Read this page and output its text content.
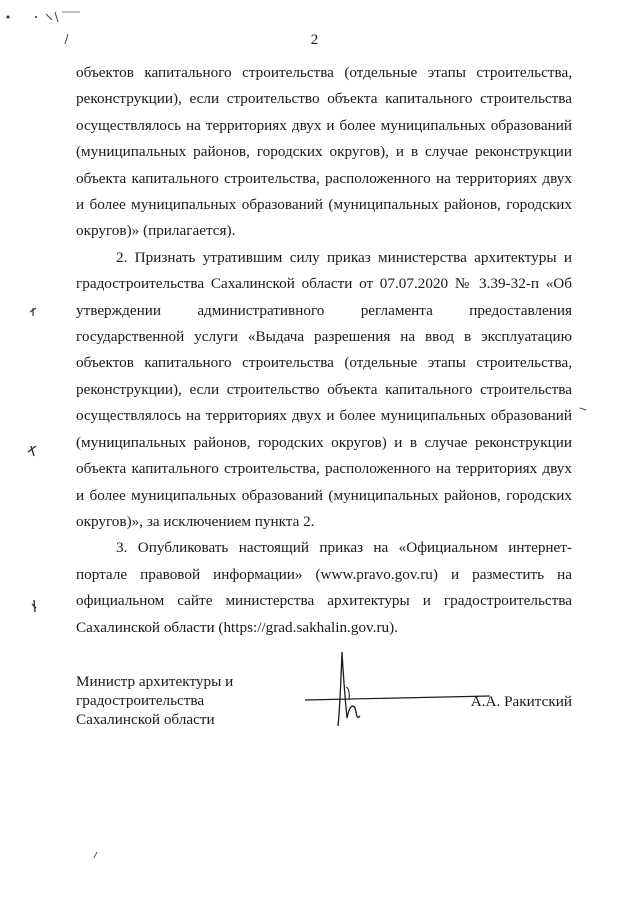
2

объектов капитального строительства (отдельные этапы строительства, реконструкции), если строительство объекта капитального строительства осуществлялось на территориях двух и более муниципальных образований (муниципальных районов, городских округов), и в случае реконструкции объекта капитального строительства, расположенного на территориях двух и более муниципальных образований (муниципальных районов, городских округов)» (прилагается).

2. Признать утратившим силу приказ министерства архитектуры и градостроительства Сахалинской области от 07.07.2020 № 3.39-32-п «Об утверждении административного регламента предоставления государственной услуги «Выдача разрешения на ввод в эксплуатацию объектов капитального строительства (отдельные этапы строительства, реконструкции), если строительство объекта капитального строительства осуществлялось на территориях двух и более муниципальных образований (муниципальных районов, городских округов) и в случае реконструкции объекта капитального строительства, расположенного на территориях двух и более муниципальных образований (муниципальных районов, городских округов)», за исключением пункта 2.

3. Опубликовать настоящий приказ на «Официальном интернет-портале правовой информации» (www.pravo.gov.ru) и разместить на официальном сайте министерства архитектуры и градостроительства Сахалинской области (https://grad.sakhalin.gov.ru).

Министр архитектуры и
градостроительства
Сахалинской области
А.А. Ракитский
